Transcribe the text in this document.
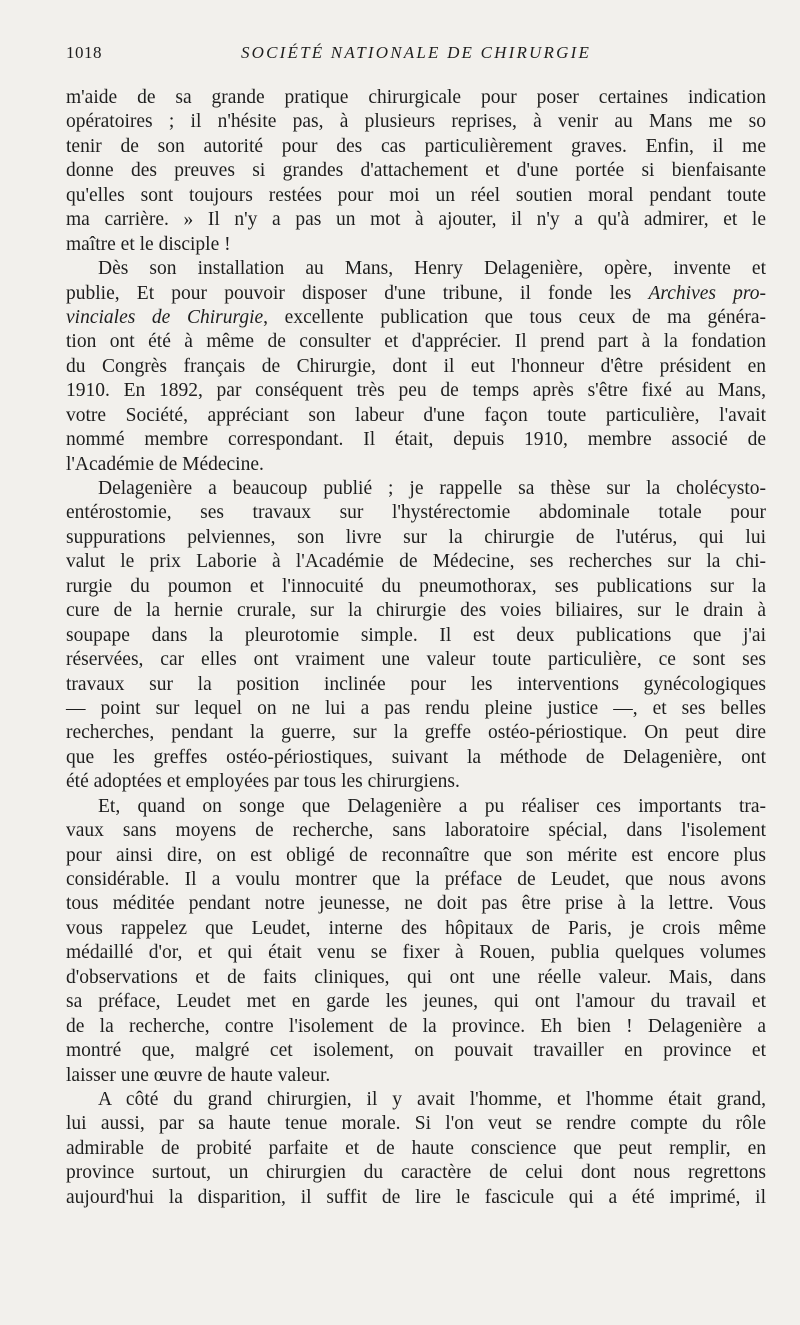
1018	SOCIÉTÉ NATIONALE DE CHIRURGIE
m'aide de sa grande pratique chirurgicale pour poser certaines indication
opératoires ; il n'hésite pas, à plusieurs reprises, à venir au Mans me so
tenir de son autorité pour des cas particulièrement graves. Enfin, il me
donne des preuves si grandes d'attachement et d'une portée si bienfaisante
qu'elles sont toujours restées pour moi un réel soutien moral pendant toute
ma carrière. » Il n'y a pas un mot à ajouter, il n'y a qu'à admirer, et le
maître et le disciple !
Dès son installation au Mans, Henry Delagenière, opère, invente et
publie, Et pour pouvoir disposer d'une tribune, il fonde les Archives pro-
vinciales de Chirurgie, excellente publication que tous ceux de ma généra-
tion ont été à même de consulter et d'apprécier. Il prend part à la fondation
du Congrès français de Chirurgie, dont il eut l'honneur d'être président en
1910. En 1892, par conséquent très peu de temps après s'être fixé au Mans,
votre Société, appréciant son labeur d'une façon toute particulière, l'avait
nommé membre correspondant. Il était, depuis 1910, membre associé de
l'Académie de Médecine.
Delagenière a beaucoup publié ; je rappelle sa thèse sur la cholécysto-
entérostomie, ses travaux sur l'hystérectomie abdominale totale pour
suppurations pelviennes, son livre sur la chirurgie de l'utérus, qui lui
valut le prix Laborie à l'Académie de Médecine, ses recherches sur la chi-
rurgie du poumon et l'innocuité du pneumothorax, ses publications sur la
cure de la hernie crurale, sur la chirurgie des voies biliaires, sur le drain à
soupape dans la pleurotomie simple. Il est deux publications que j'ai
réservées, car elles ont vraiment une valeur toute particulière, ce sont ses
travaux sur la position inclinée pour les interventions gynécologiques
— point sur lequel on ne lui a pas rendu pleine justice —, et ses belles
recherches, pendant la guerre, sur la greffe ostéo-périostique. On peut dire
que les greffes ostéo-périostiques, suivant la méthode de Delagenière, ont
été adoptées et employées par tous les chirurgiens.
Et, quand on songe que Delagenière a pu réaliser ces importants tra-
vaux sans moyens de recherche, sans laboratoire spécial, dans l'isolement
pour ainsi dire, on est obligé de reconnaître que son mérite est encore plus
considérable. Il a voulu montrer que la préface de Leudet, que nous avons
tous méditée pendant notre jeunesse, ne doit pas être prise à la lettre. Vous
vous rappelez que Leudet, interne des hôpitaux de Paris, je crois même
médaillé d'or, et qui était venu se fixer à Rouen, publia quelques volumes
d'observations et de faits cliniques, qui ont une réelle valeur. Mais, dans
sa préface, Leudet met en garde les jeunes, qui ont l'amour du travail et
de la recherche, contre l'isolement de la province. Eh bien ! Delagenière a
montré que, malgré cet isolement, on pouvait travailler en province et
laisser une œuvre de haute valeur.
A côté du grand chirurgien, il y avait l'homme, et l'homme était grand,
lui aussi, par sa haute tenue morale. Si l'on veut se rendre compte du rôle
admirable de probité parfaite et de haute conscience que peut remplir, en
province surtout, un chirurgien du caractère de celui dont nous regrettons
aujourd'hui la disparition, il suffit de lire le fascicule qui a été imprimé, il
